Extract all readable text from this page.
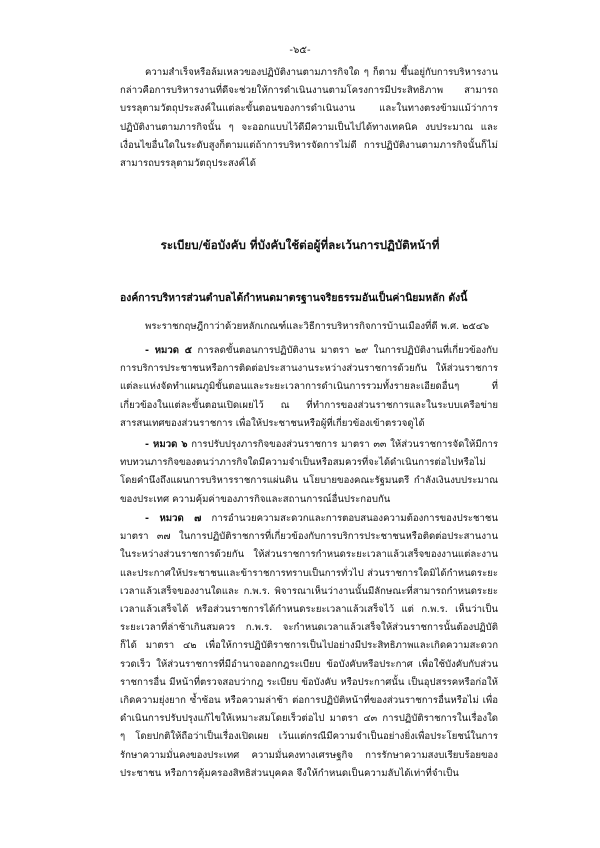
-๖๕-

ความสำเร็จหรือล้มเหลวของปฏิบัติงานตามภารกิจใด ๆ ก็ตาม ขึ้นอยู่กับการบริหารงาน กล่าวคือการบริหารงานที่ดีจะช่วยให้การดำเนินงานตามโครงการมีประสิทธิภาพ สามารถบรรลุตามวัตถุประสงค์ในแต่ละขั้นตอนของการดำเนินงาน และในทางตรงข้ามแม้ว่าการปฏิบัติงานตามภารกิจนั้น ๆ จะออกแบบไว้ดีมีความเป็นไปได้ทางเทคนิค งบประมาณ และเงื่อนไขอื่นใดในระดับสูงก็ตามแต่ถ้าการบริหารจัดการไม่ดี การปฏิบัติงานตามภารกิจนั้นก็ไม่สามารถบรรลุตามวัตถุประสงค์ได้

ระเบียบ/ข้อบังคับ ที่บังคับใช้ต่อผู้ที่ละเว้นการปฏิบัติหน้าที่
องค์การบริหารส่วนตำบลได้กำหนดมาตรฐานจริยธรรมอันเป็นค่านิยมหลัก ดังนี้

พระราชกฤษฎีกาว่าด้วยหลักเกณฑ์และวิธีการบริหารกิจการบ้านเมืองที่ดี พ.ศ. ๒๕๔๖

- หมวด ๕ การลดขั้นตอนการปฏิบัติงาน มาตรา ๒๙ ในการปฏิบัติงานที่เกี่ยวข้องกับการบริการประชาชนหรือการติดต่อประสานงานระหว่างส่วนราชการด้วยกัน ให้ส่วนราชการแต่ละแห่งจัดทำแผนภูมิขั้นตอนและระยะเวลาการดำเนินการรวมทั้งรายละเอียดอื่นๆ ที่เกี่ยวข้องในแต่ละขั้นตอนเปิดเผยไว้ ณ ที่ทำการของส่วนราชการและในระบบเครือข่ายสารสนเทศของส่วนราชการ เพื่อให้ประชาชนหรือผู้ที่เกี่ยวข้องเข้าตรวจดูได้

- หมวด ๖ การปรับปรุงภารกิจของส่วนราชการ มาตรา ๓๓ ให้ส่วนราชการจัดให้มีการทบทวนภารกิจของตนว่าภารกิจใดมีความจำเป็นหรือสมควรที่จะได้ดำเนินการต่อไปหรือไม่ โดยคำนึงถึงแผนการบริหารราชการแผ่นดิน นโยบายของคณะรัฐมนตรี กำลังเงินงบประมาณของประเทศ ความคุ้มค่าของภารกิจและสถานการณ์อื่นประกอบกัน

- หมวด ๗ การอำนวยความสะดวกและการตอบสนองความต้องการของประชาชน มาตรา ๓๗ ในการปฏิบัติราชการที่เกี่ยวข้องกับการบริการประชาชนหรือติดต่อประสานงานในระหว่างส่วนราชการด้วยกัน ให้ส่วนราชการกำหนดระยะเวลาแล้วเสร็จของงานแต่ละงานและประกาศให้ประชาชนและข้าราชการทราบเป็นการทั่วไป ส่วนราชการใดมิได้กำหนดระยะเวลาแล้วเสร็จของงานใดและ ก.พ.ร. พิจารณาเห็นว่างานนั้นมีลักษณะที่สามารถกำหนดระยะเวลาแล้วเสร็จได้ หรือส่วนราชการได้กำหนดระยะเวลาแล้วเสร็จไว้ แต่ ก.พ.ร. เห็นว่าเป็นระยะเวลาที่ล่าช้าเกินสมควร ก.พ.ร. จะกำหนดเวลาแล้วเสร็จให้ส่วนราชการนั้นต้องปฏิบัติก็ได้ มาตรา ๔๒ เพื่อให้การปฏิบัติราชการเป็นไปอย่างมีประสิทธิภาพและเกิดความสะดวกรวดเร็ว ให้ส่วนราชการที่มีอำนาจออกกฎระเบียบ ข้อบังคับหรือประกาศ เพื่อใช้บังคับกับส่วนราชการอื่น มีหน้าที่ตรวจสอบว่ากฎ ระเบียบ ข้อบังคับ หรือประกาศนั้น เป็นอุปสรรคหรือก่อให้เกิดความยุ่งยาก ซ้ำซ้อน หรือความล่าช้า ต่อการปฏิบัติหน้าที่ของส่วนราชการอื่นหรือไม่ เพื่อดำเนินการปรับปรุงแก้ไขให้เหมาะสมโดยเร็วต่อไป มาตรา ๔๓ การปฏิบัติราชการในเรื่องใด ๆ โดยปกติให้ถือว่าเป็นเรื่องเปิดเผย เว้นแต่กรณีมีความจำเป็นอย่างยิ่งเพื่อประโยชน์ในการรักษาความมั่นคงของประเทศ ความมั่นคงทางเศรษฐกิจ การรักษาความสงบเรียบร้อยของประชาชน หรือการคุ้มครองสิทธิส่วนบุคคล จึงให้กำหนดเป็นความลับได้เท่าที่จำเป็น
